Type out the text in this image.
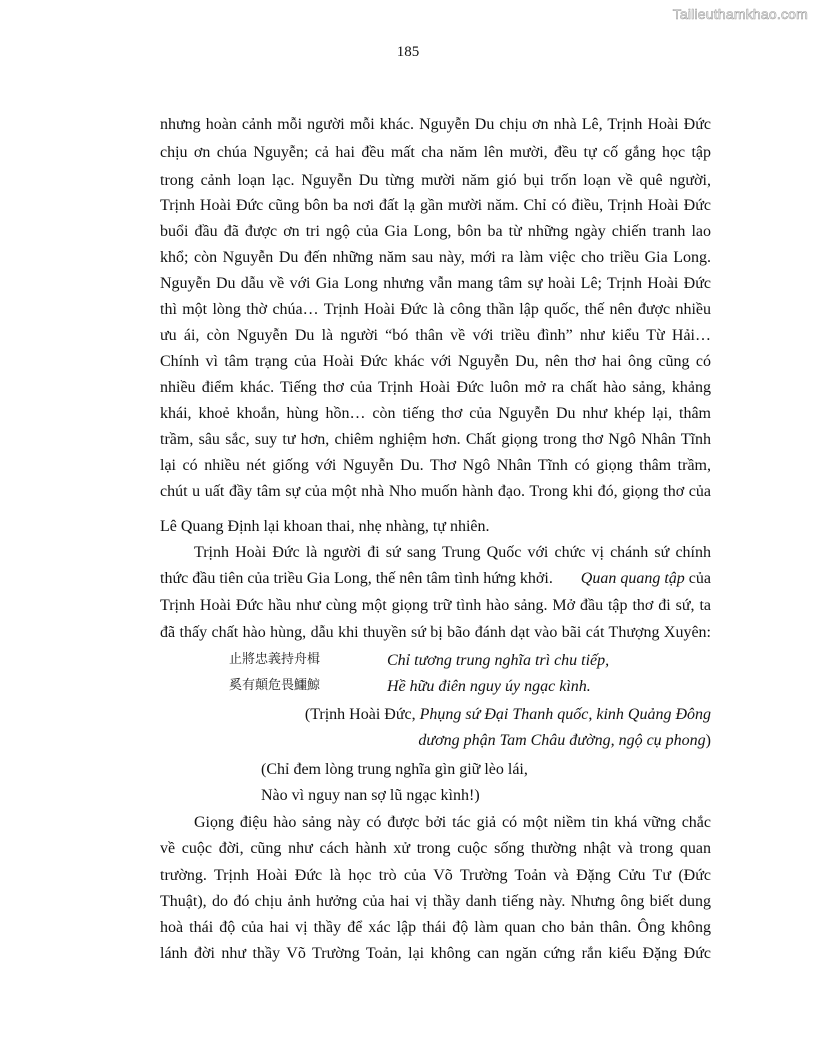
Tailieuthamkhao.com
185
nhưng hoàn cảnh mỗi người mỗi khác. Nguyễn Du chịu ơn nhà Lê, Trịnh Hoài Đức
chịu ơn chúa Nguyễn; cả hai đều mất cha năm lên mười, đều tự cố gắng học tập
trong cảnh loạn lạc. Nguyễn Du từng mười năm gió bụi trốn loạn về quê người,
Trịnh Hoài Đức cũng bôn ba nơi đất lạ gần mười năm. Chỉ có điều, Trịnh Hoài Đức
buổi đầu đã được ơn tri ngộ của Gia Long, bôn ba từ những ngày chiến tranh lao
khổ; còn Nguyễn Du đến những năm sau này, mới ra làm việc cho triều Gia Long.
Nguyễn Du dẫu về với Gia Long nhưng vẫn mang tâm sự hoài Lê; Trịnh Hoài Đức
thì một lòng thờ chúa… Trịnh Hoài Đức là công thần lập quốc, thế nên được nhiều
ưu ái, còn Nguyễn Du là người “bó thân về với triều đình” như kiểu Từ Hải…
Chính vì tâm trạng của Hoài Đức khác với Nguyễn Du, nên thơ hai ông cũng có
nhiều điểm khác. Tiếng thơ của Trịnh Hoài Đức luôn mở ra chất hào sảng, khảng
khái, khoẻ khoắn, hùng hồn… còn tiếng thơ của Nguyễn Du như khép lại, thâm
trầm, sâu sắc, suy tư hơn, chiêm nghiệm hơn. Chất giọng trong thơ Ngô Nhân Tĩnh
lại có nhiều nét giống với Nguyễn Du. Thơ Ngô Nhân Tĩnh có giọng thâm trầm,
chút u uất đầy tâm sự của một nhà Nho muốn hành đạo. Trong khi đó, giọng thơ của
Lê Quang Định lại khoan thai, nhẹ nhàng, tự nhiên.
Trịnh Hoài Đức là người đi sứ sang Trung Quốc với chức vị chánh sứ chính
thức đầu tiên của triều Gia Long, thế nên tâm tình hứng khởi. Quan quang tập của
Trịnh Hoài Đức hầu như cùng một giọng trữ tình hào sảng. Mở đầu tập thơ đi sứ, ta
đã thấy chất hào hùng, dẫu khi thuyền sứ bị bão đánh dạt vào bãi cát Thượng Xuyên:
止將忠義持舟楫
奚有顛危畏鱷鯨
Chỉ tương trung nghĩa trì chu tiếp,
Hề hữu điên nguy úy ngạc kình.
(Trịnh Hoài Đức, Phụng sứ Đại Thanh quốc, kinh Quảng Đông
dương phận Tam Châu đường, ngộ cụ phong)
(Chỉ đem lòng trung nghĩa gìn giữ lèo lái,
Nào vì nguy nan sợ lũ ngạc kình!)
Giọng điệu hào sảng này có được bởi tác giả có một niềm tin khá vững chắc
về cuộc đời, cũng như cách hành xử trong cuộc sống thường nhật và trong quan
trường. Trịnh Hoài Đức là học trò của Võ Trường Toản và Đặng Cửu Tư (Đức
Thuật), do đó chịu ảnh hưởng của hai vị thầy danh tiếng này. Nhưng ông biết dung
hoà thái độ của hai vị thầy để xác lập thái độ làm quan cho bản thân. Ông không
lánh đời như thầy Võ Trường Toản, lại không can ngăn cứng rắn kiểu Đặng Đức
